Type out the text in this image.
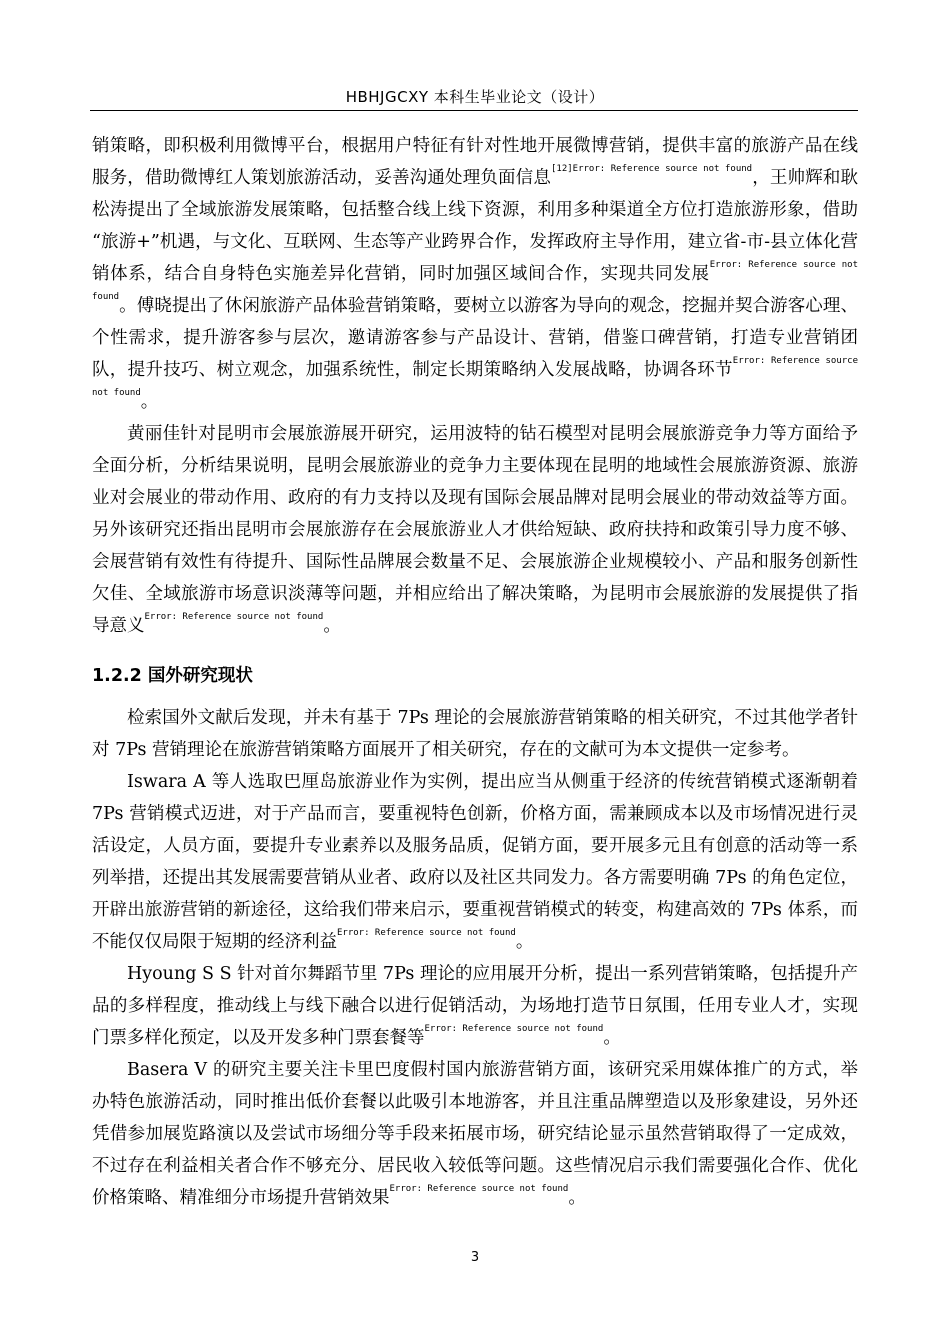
HBHJGCXY 本科生毕业论文（设计）

销策略，即积极利用微博平台，根据用户特征有针对性地开展微博营销，提供丰富的旅游产品在线服务，借助微博红人策划旅游活动，妥善沟通处理负面信息$^{[12]Error: Reference source not found}$，王帅辉和耿松涛提出了全域旅游发展策略，包括整合线上线下资源，利用多种渠道全方位打造旅游形象，借助 “旅游+”机遇，与文化、互联网、生态等产业跨界合作，发挥政府主导作用，建立省-市-县立体化营销体系，结合自身特色实施差异化营销，同时加强区域间合作，实现共同发展$^{Error: Reference source not found}$。傅晓提出了休闲旅游产品体验营销策略，要树立以游客为导向的观念，挖掘并契合游客心理、个性需求，提升游客参与层次，邀请游客参与产品设计、营销，借鉴口碑营销，打造专业营销团队，提升技巧、树立观念，加强系统性，制定长期策略纳入发展战略，协调各环节$^{Error: Reference source not found}$。

黄丽佳针对昆明市会展旅游展开研究，运用波特的钻石模型对昆明会展旅游竞争力等方面给予全面分析，分析结果说明，昆明会展旅游业的竞争力主要体现在昆明的地域性会展旅游资源、旅游业对会展业的带动作用、政府的有力支持以及现有国际会展品牌对昆明会展业的带动效益等方面。另外该研究还指出昆明市会展旅游存在会展旅游业人才供给短缺、政府扶持和政策引导力度不够、会展营销有效性有待提升、国际性品牌展会数量不足、会展旅游企业规模较小、产品和服务创新性欠佳、全域旅游市场意识淡薄等问题，并相应给出了解决策略，为昆明市会展旅游的发展提供了指导意义$^{Error: Reference source not found}$。

1.2.2 国外研究现状

检索国外文献后发现，并未有基于 7Ps 理论的会展旅游营销策略的相关研究，不过其他学者针对 7Ps 营销理论在旅游营销策略方面展开了相关研究，存在的文献可为本文提供一定参考。

Iswara A 等人选取巴厘岛旅游业作为实例，提出应当从侧重于经济的传统营销模式逐渐朝着 7Ps 营销模式迈进，对于产品而言，要重视特色创新，价格方面，需兼顾成本以及市场情况进行灵活设定，人员方面，要提升专业素养以及服务品质，促销方面，要开展多元且有创意的活动等一系列举措，还提出其发展需要营销从业者、政府以及社区共同发力。各方需要明确 7Ps 的角色定位，开辟出旅游营销的新途径，这给我们带来启示，要重视营销模式的转变，构建高效的 7Ps 体系，而不能仅仅局限于短期的经济利益$^{Error: Reference source not found}$。

Hyoung S S 针对首尔舞蹈节里 7Ps 理论的应用展开分析，提出一系列营销策略，包括提升产品的多样程度，推动线上与线下融合以进行促销活动，为场地打造节日氛围，任用专业人才，实现门票多样化预定，以及开发多种门票套餐等$^{Error: Reference source not found}$。

Basera V 的研究主要关注卡里巴度假村国内旅游营销方面，该研究采用媒体推广的方式，举办特色旅游活动，同时推出低价套餐以此吸引本地游客，并且注重品牌塑造以及形象建设，另外还凭借参加展览路演以及尝试市场细分等手段来拓展市场，研究结论显示虽然营销取得了一定成效，不过存在利益相关者合作不够充分、居民收入较低等问题。这些情况启示我们需要强化合作、优化价格策略、精准细分市场提升营销效果$^{Error: Reference source not found}$。

3
